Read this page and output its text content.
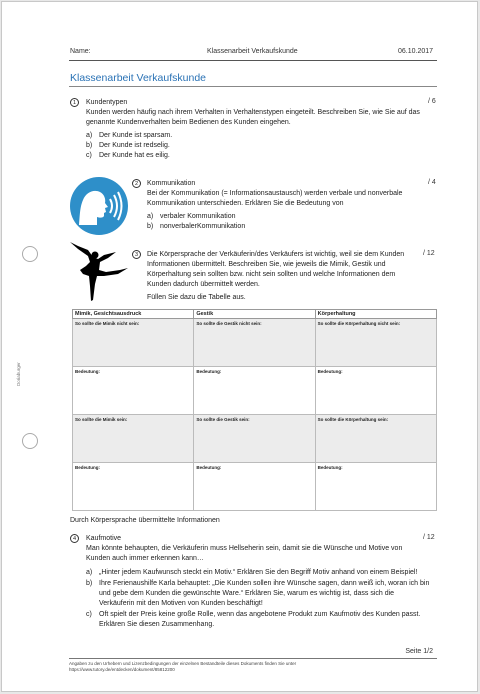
Doriaburger
Name:	Klassenarbeit Verkaufskunde	06.10.2017
Klassenarbeit Verkaufskunde
1	Kundentypen	/ 6
Kunden werden häufig nach ihrem Verhalten in Verhaltenstypen eingeteilt. Beschreiben Sie, wie Sie auf das genannte Kundenverhalten beim Bedienen des Kunden eingehen.
a) Der Kunde ist sparsam.
b) Der Kunde ist redselig.
c)	Der Kunde hat es eilig.
2	Kommunikation	/ 4
Bei der Kommunikation (= Informationsaustausch) werden verbale und nonverbale Kommunikation unterschieden. Erklären Sie die Bedeutung von
a) verbaler Kommunikation
b) nonverbalerKommunikation
3	/ 12
Die Körpersprache der Verkäuferin/des Verkäufers ist wichtig, weil sie dem Kunden Informationen übermittelt. Beschreiben Sie, wie jeweils die Mimik, Gestik und Körperhaltung sein sollten bzw. nicht sein sollten und welche Informationen dem Kunden dadurch übermittelt werden.
Füllen Sie dazu die Tabelle aus.
Mimik, Gesichtsausdruck	Gestik	Körperhaltung
So sollte die Mimik nicht sein:	So sollte die Gestik nicht sein:	So sollte die Körperhaltung nicht sein:
Bedeutung:	Bedeutung:	Bedeutung:
So sollte die Mimik sein:	So sollte die Gestik sein:	So sollte die Körperhaltung sein:
Bedeutung:	Bedeutung:	Bedeutung:
Durch Körpersprache übermittelte Informationen
4	Kaufmotive	/ 12
Man könnte behaupten, die Verkäuferin muss Hellseherin sein, damit sie die Wünsche und Motive von Kunden auch immer erkennen kann…
a) „Hinter jedem Kaufwunsch steckt ein Motiv.“ Erklären Sie den Begriff Motiv anhand von einem Beispiel!
b) Ihre Ferienaushilfe Karla behauptet: „Die Kunden sollen ihre Wünsche sagen, dann weiß ich, woran ich bin und gebe dem Kunden die gewünschte Ware.“ Erklären Sie, warum es wichtig ist, dass sich die Verkäuferin mit den Motiven von Kunden beschäftigt!
c)	Oft spielt der Preis keine große Rolle, wenn das angebotene Produkt zum Kaufmotiv des Kunden passt. Erklären Sie diesen Zusammenhang.
Seite 1/2
Angaben zu den Urhebern und Lizenzbedingungen der einzelnen Bestandteile dieses Dokuments finden Sie unter
https://www.tutory.de/entdecken/dokument/85812200
